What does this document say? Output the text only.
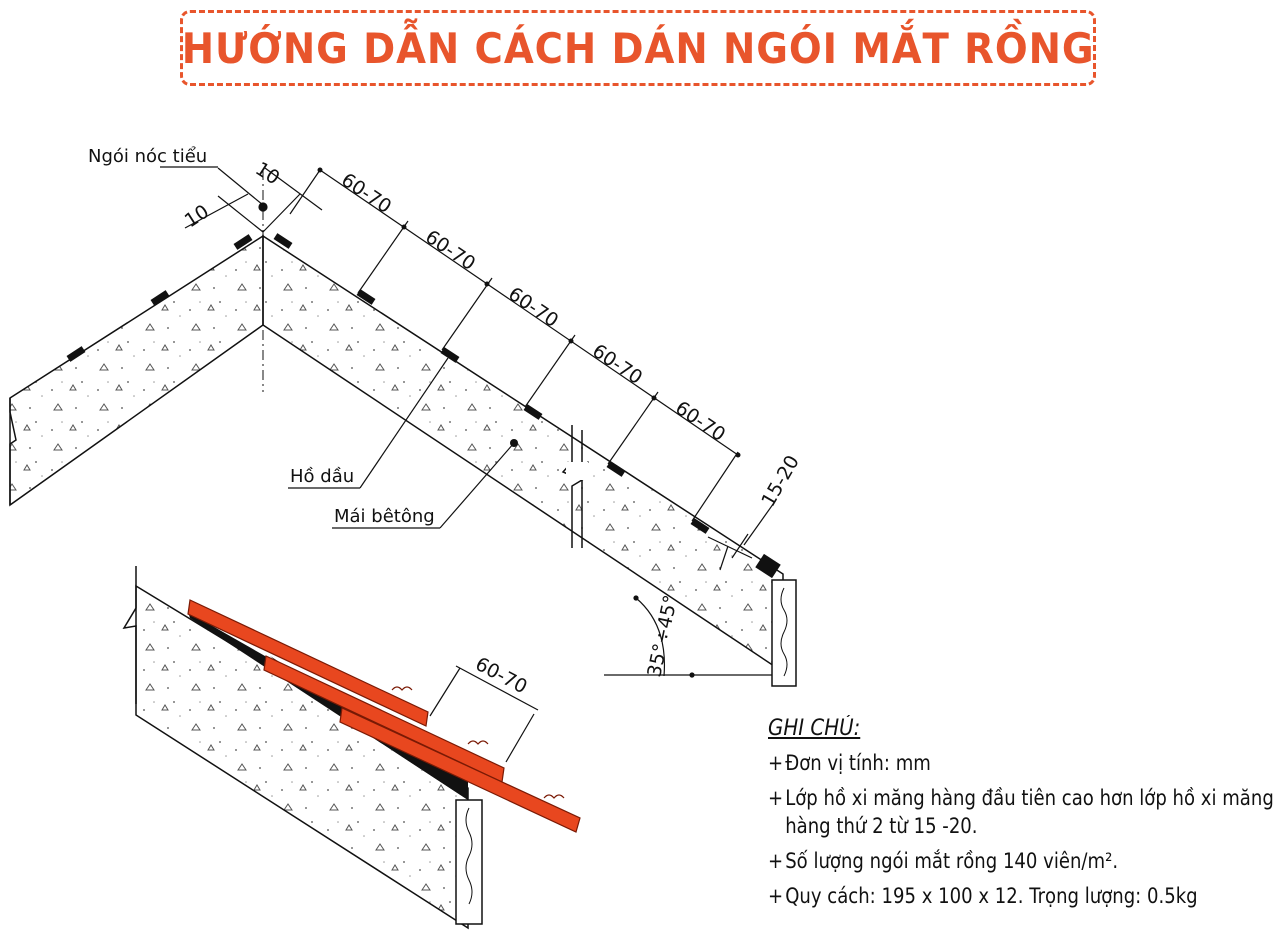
HƯỚNG DẪN CÁCH DÁN NGÓI MẮT RỒNG
Ngói nóc tiểu
10
10	60-70
60-70
60-70
60-70
60-70
15-20
Hồ dầu
Mái bêtông
35°÷45°
60-70
GHI CHÚ:
+ Đơn vị tính: mm
+ Lớp hồ xi măng hàng đầu tiên cao hơn lớp hồ xi măng hàng thứ 2 từ 15 -20.
+ Số lượng ngói mắt rồng 140 viên/m².
+ Quy cách: 195 x 100 x 12. Trọng lượng: 0.5kg
